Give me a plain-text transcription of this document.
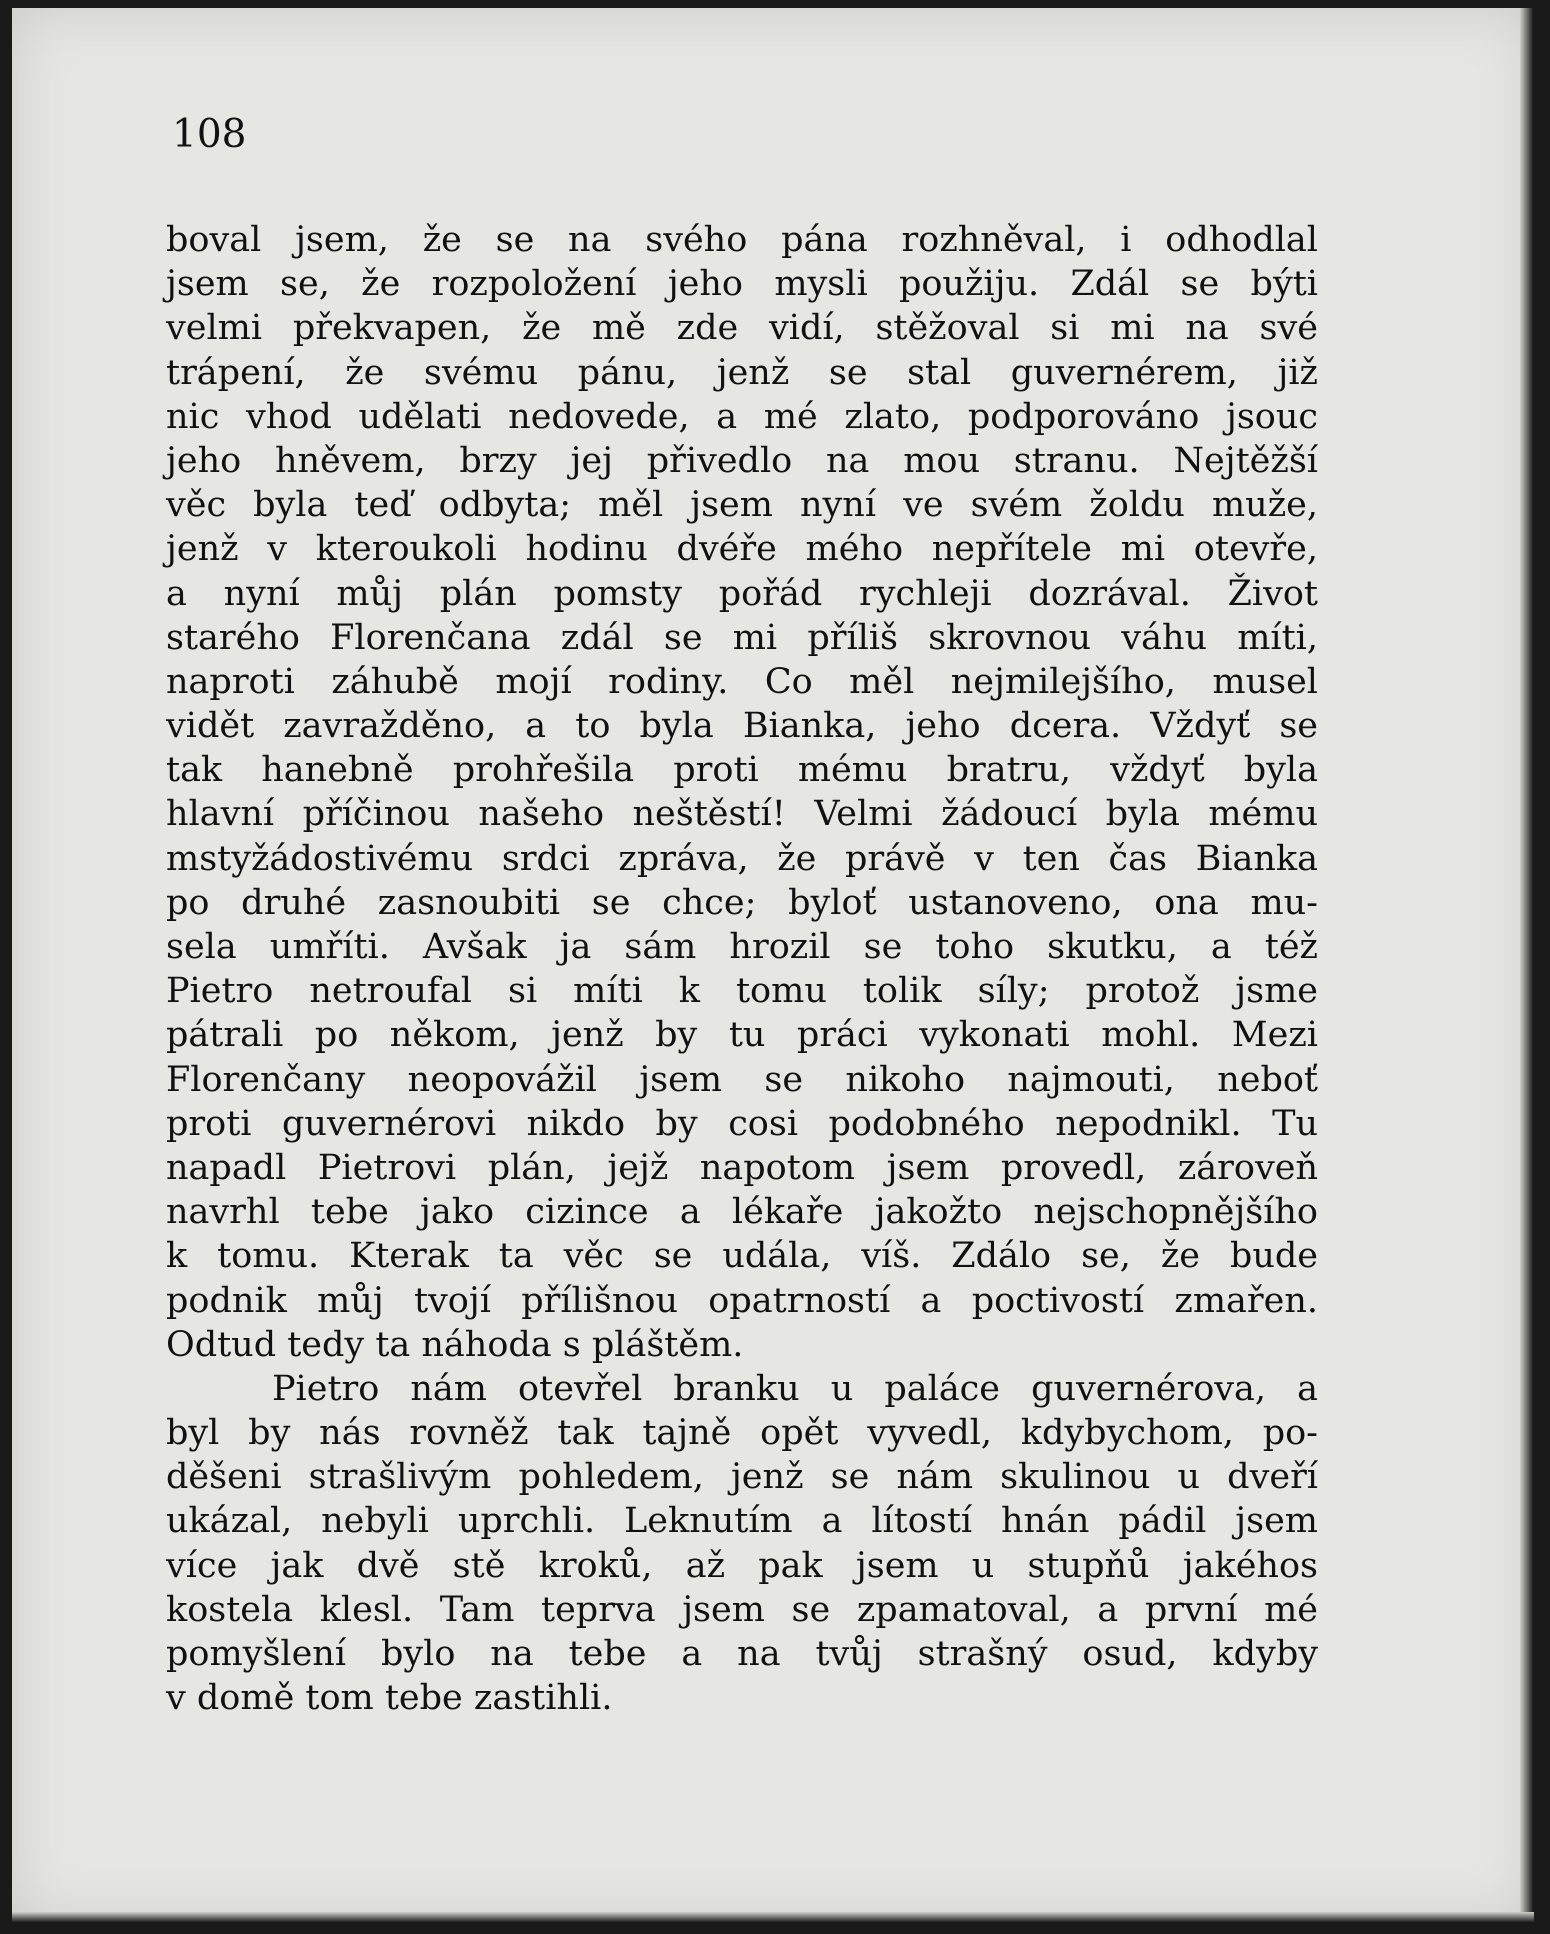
108
boval jsem, že se na svého pána rozhněval, i odhodlal
jsem se, že rozpoložení jeho mysli použiju. Zdál se býti
velmi překvapen, že mě zde vidí, stěžoval si mi na své
trápení, že svému pánu, jenž se stal guvernérem, již
nic vhod udělati nedovede, a mé zlato, podporováno jsouc
jeho hněvem, brzy jej přivedlo na mou stranu. Nejtěžší
věc byla teď odbyta; měl jsem nyní ve svém žoldu muže,
jenž v kteroukoli hodinu dvéře mého nepřítele mi otevře,
a nyní můj plán pomsty pořád rychleji dozrával. Život
starého Florenčana zdál se mi příliš skrovnou váhu míti,
naproti záhubě mojí rodiny. Co měl nejmilejšího, musel
vidět zavražděno, a to byla Bianka, jeho dcera. Vždyť se
tak hanebně prohřešila proti mému bratru, vždyť byla
hlavní příčinou našeho neštěstí! Velmi žádoucí byla mému
mstyžádostivému srdci zpráva, že právě v ten čas Bianka
po druhé zasnoubiti se chce; byloť ustanoveno, ona mu-
sela umříti. Avšak ja sám hrozil se toho skutku, a též
Pietro netroufal si míti k tomu tolik síly; protož jsme
pátrali po někom, jenž by tu práci vykonati mohl. Mezi
Florenčany neopovážil jsem se nikoho najmouti, neboť
proti guvernérovi nikdo by cosi podobného nepodnikl. Tu
napadl Pietrovi plán, jejž napotom jsem provedl, zároveň
navrhl tebe jako cizince a lékaře jakožto nejschopnějšího
k tomu. Kterak ta věc se udála, víš. Zdálo se, že bude
podnik můj tvojí přílišnou opatrností a poctivostí zmařen.
Odtud tedy ta náhoda s pláštěm.
Pietro nám otevřel branku u paláce guvernérova, a
byl by nás rovněž tak tajně opět vyvedl, kdybychom, po-
děšeni strašlivým pohledem, jenž se nám skulinou u dveří
ukázal, nebyli uprchli. Leknutím a lítostí hnán pádil jsem
více jak dvě stě kroků, až pak jsem u stupňů jakéhos
kostela klesl. Tam teprva jsem se zpamatoval, a první mé
pomyšlení bylo na tebe a na tvůj strašný osud, kdyby
v domě tom tebe zastihli.
